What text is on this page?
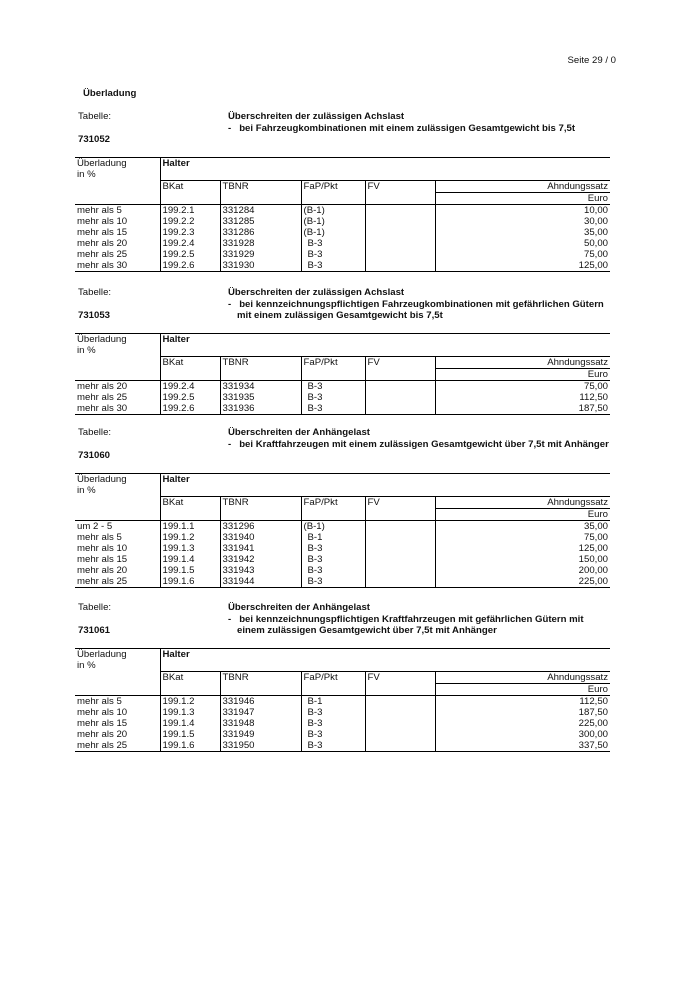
Seite 29 / 0
Überladung
Tabelle:
731052
Überschreiten der zulässigen Achslast
-   bei Fahrzeugkombinationen mit einem zulässigen Gesamtgewicht bis 7,5t
Überladung	Halter				
in %					
	BKat	TBNR	FaP/Pkt	FV	Ahndungssatz
					Euro
mehr als 5	199.2.1	331284	(B-1)		10,00
mehr als 10	199.2.2	331285	(B-1)		30,00
mehr als 15	199.2.3	331286	(B-1)		35,00
mehr als 20	199.2.4	331928	B-3		50,00
mehr als 25	199.2.5	331929	B-3		75,00
mehr als 30	199.2.6	331930	B-3		125,00
Tabelle:
731053
Überschreiten der zulässigen Achslast
-   bei kennzeichnungspflichtigen Fahrzeugkombinationen mit gefährlichen Gütern
mit einem zulässigen Gesamtgewicht bis 7,5t
Überladung	Halter				
in %					
	BKat	TBNR	FaP/Pkt	FV	Ahndungssatz
					Euro
mehr als 20	199.2.4	331934	B-3		75,00
mehr als 25	199.2.5	331935	B-3		112,50
mehr als 30	199.2.6	331936	B-3		187,50
Tabelle:
731060
Überschreiten der Anhängelast
-   bei Kraftfahrzeugen mit einem zulässigen Gesamtgewicht über 7,5t mit Anhänger
Überladung	Halter				
in %					
	BKat	TBNR	FaP/Pkt	FV	Ahndungssatz
					Euro
um 2 - 5	199.1.1	331296	(B-1)		35,00
mehr als 5	199.1.2	331940	B-1		75,00
mehr als 10	199.1.3	331941	B-3		125,00
mehr als 15	199.1.4	331942	B-3		150,00
mehr als 20	199.1.5	331943	B-3		200,00
mehr als 25	199.1.6	331944	B-3		225,00
Tabelle:
731061
Überschreiten der Anhängelast
-   bei kennzeichnungspflichtigen Kraftfahrzeugen mit gefährlichen Gütern mit
einem zulässigen Gesamtgewicht über 7,5t mit Anhänger
Überladung	Halter				
in %					
	BKat	TBNR	FaP/Pkt	FV	Ahndungssatz
					Euro
mehr als 5	199.1.2	331946	B-1		112,50
mehr als 10	199.1.3	331947	B-3		187,50
mehr als 15	199.1.4	331948	B-3		225,00
mehr als 20	199.1.5	331949	B-3		300,00
mehr als 25	199.1.6	331950	B-3		337,50
